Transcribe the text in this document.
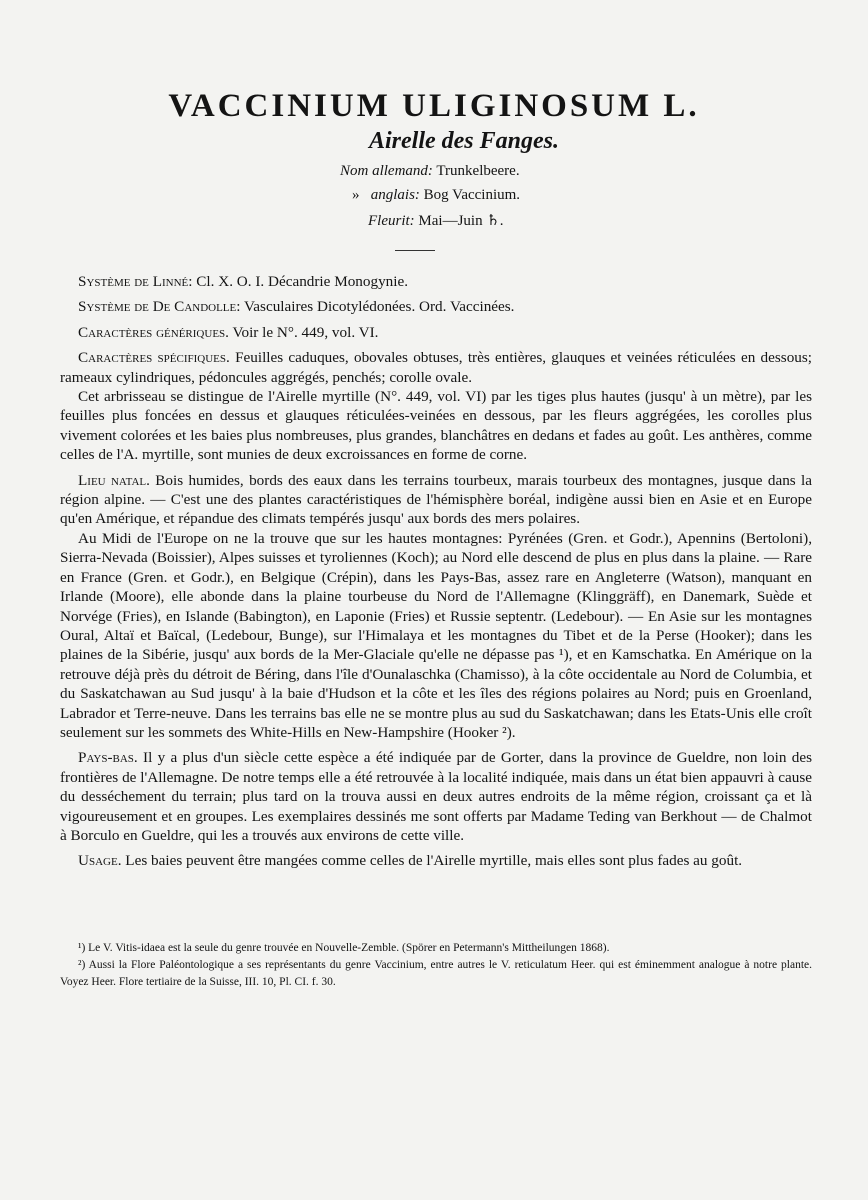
VACCINIUM ULIGINOSUM L.
Airelle des Fanges.
Nom allemand: Trunkelbeere.
» anglais: Bog Vaccinium.
Fleurit: Mai—Juin ♄.

Système de Linné: Cl. X. O. I. Décandrie Monogynie.

Système de De Candolle: Vasculaires Dicotylédonées. Ord. Vaccinées.

Caractères génériques. Voir le N°. 449, vol. VI.

Caractères spécifiques. Feuilles caduques, obovales obtuses, très entières, glauques et veinées réticulées en dessous; rameaux cylindriques, pédoncules aggrégés, penchés; corolle ovale.

Cet arbrisseau se distingue de l'Airelle myrtille (N°. 449, vol. VI) par les tiges plus hautes (jusqu' à un mètre), par les feuilles plus foncées en dessus et glauques réticulées-veinées en dessous, par les fleurs aggrégées, les corolles plus vivement colorées et les baies plus nombreuses, plus grandes, blanchâtres en dedans et fades au goût. Les anthères, comme celles de l'A. myrtille, sont munies de deux excroissances en forme de corne.

Lieu natal. Bois humides, bords des eaux dans les terrains tourbeux, marais tourbeux des montagnes, jusque dans la région alpine. — C'est une des plantes caractéristiques de l'hémisphère boréal, indigène aussi bien en Asie et en Europe qu'en Amérique, et répandue des climats tempérés jusqu' aux bords des mers polaires.

Au Midi de l'Europe on ne la trouve que sur les hautes montagnes: Pyrénées (Gren. et Godr.), Apennins (Bertoloni), Sierra-Nevada (Boissier), Alpes suisses et tyroliennes (Koch); au Nord elle descend de plus en plus dans la plaine. — Rare en France (Gren. et Godr.), en Belgique (Crépin), dans les Pays-Bas, assez rare en Angleterre (Watson), manquant en Irlande (Moore), elle abonde dans la plaine tourbeuse du Nord de l'Allemagne (Klinggräff), en Danemark, Suède et Norvége (Fries), en Islande (Babington), en Laponie (Fries) et Russie septentr. (Ledebour). — En Asie sur les montagnes Oural, Altaï et Baïcal, (Ledebour, Bunge), sur l'Himalaya et les montagnes du Tibet et de la Perse (Hooker); dans les plaines de la Sibérie, jusqu' aux bords de la Mer-Glaciale qu'elle ne dépasse pas ¹), et en Kamschatka. En Amérique on la retrouve déjà près du détroit de Béring, dans l'île d'Ounalaschka (Chamisso), à la côte occidentale au Nord de Columbia, et du Saskatchawan au Sud jusqu' à la baie d'Hudson et la côte et les îles des régions polaires au Nord; puis en Groenland, Labrador et Terre-neuve. Dans les terrains bas elle ne se montre plus au sud du Saskatchawan; dans les Etats-Unis elle croît seulement sur les sommets des White-Hills en New-Hampshire (Hooker ²).

Pays-bas. Il y a plus d'un siècle cette espèce a été indiquée par de Gorter, dans la province de Gueldre, non loin des frontières de l'Allemagne. De notre temps elle a été retrouvée à la localité indiquée, mais dans un état bien appauvri à cause du desséchement du terrain; plus tard on la trouva aussi en deux autres endroits de la même région, croissant ça et là vigoureusement et en groupes. Les exemplaires dessinés me sont offerts par Madame Teding van Berkhout — de Chalmot à Borculo en Gueldre, qui les a trouvés aux environs de cette ville.

Usage. Les baies peuvent être mangées comme celles de l'Airelle myrtille, mais elles sont plus fades au goût.

¹) Le V. Vitis-idaea est la seule du genre trouvée en Nouvelle-Zemble. (Spörer en Petermann's Mittheilungen 1868).

²) Aussi la Flore Paléontologique a ses représentants du genre Vaccinium, entre autres le V. reticulatum Heer. qui est éminemment analogue à notre plante. Voyez Heer. Flore tertiaire de la Suisse, III. 10, Pl. CI. f. 30.
